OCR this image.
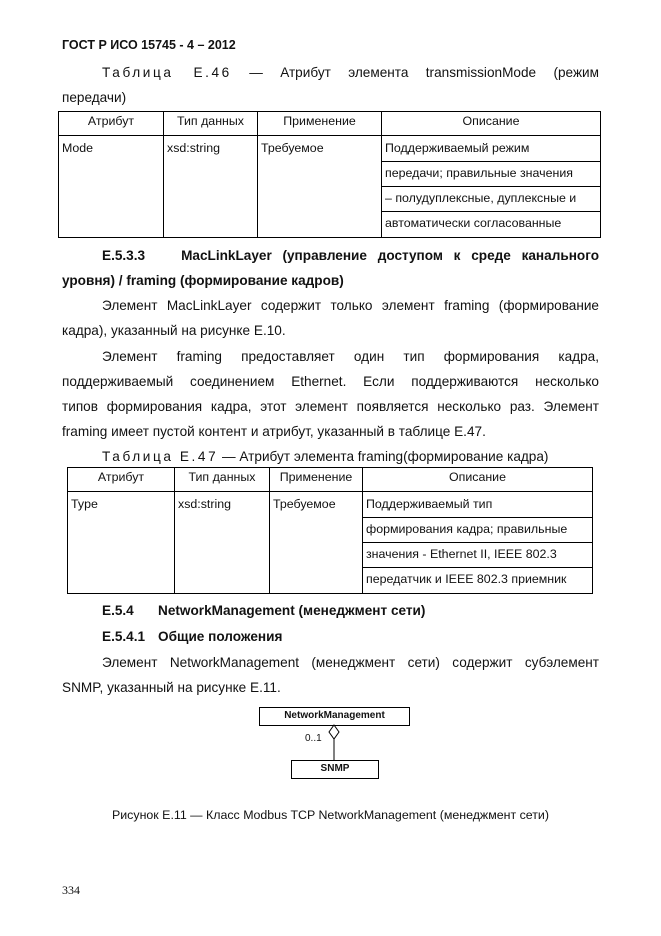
ГОСТ Р ИСО 15745 - 4 – 2012
Таблица Е.46 — Атрибут элемента transmissionMode (режим
передачи)
Атрибут	Тип данных	Применение	Описание

Mode	xsd:string	Требуемое	Поддерживаемый режим
передачи; правильные значения
– полудуплексные, дуплексные и
автоматически согласованные
Е.5.3.3	MacLinkLayer (управление доступом к среде канального
уровня) / framing (формирование кадров)
Элемент MacLinkLayer содержит только элемент framing (формирование
кадра), указанный на рисунке Е.10.
Элемент framing предоставляет один тип формирования кадра,
поддерживаемый соединением Ethernet. Если поддерживаются несколько
типов формирования кадра, этот элемент появляется несколько раз. Элемент
framing имеет пустой контент и атрибут, указанный в таблице Е.47.
Таблица Е.47 — Атрибут элемента framing(формирование кадра)
Атрибут	Тип данных	Применение	Описание

Type	xsd:string	Требуемое	Поддерживаемый тип
формирования кадра; правильные
значения - Ethernet II, IEEE 802.3
передатчик и IEEE 802.3 приемник
Е.5.4 NetworkManagement (менеджмент сети)
Е.5.4.1 Общие положения
Элемент NetworkManagement (менеджмент сети) содержит субэлемент
SNMP, указанный на рисунке Е.11.
NetworkManagement
0..1
SNMP
Рисунок Е.11 — Класс Modbus TCP NetworkManagement (менеджмент сети)
334
